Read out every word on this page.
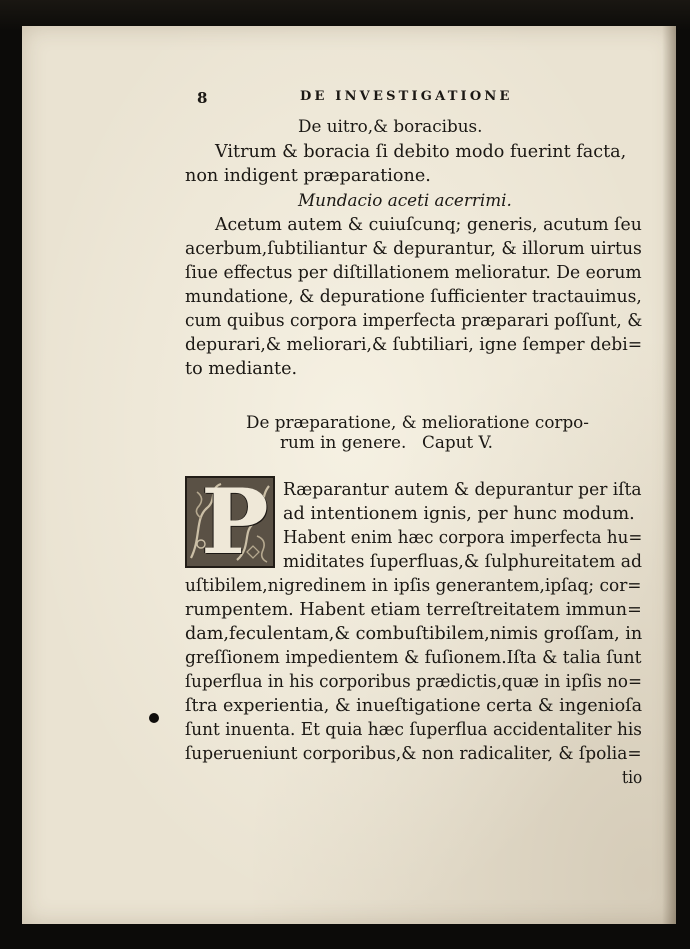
8	DE INVESTIGATIONE
De uitro,& boracibus.
Vitrum & boracia ſi debito modo fuerint facta,
non indigent præparatione.
Mundacio aceti acerrimi.
Acetum autem & cuiuſcunq; generis, acutum ſeu
acerbum,ſubtiliantur & depurantur, & illorum uirtus
ſiue effectus per diſtillationem melioratur. De eorum
mundatione, & depuratione ſufficienter tractauimus,
cum quibus corpora imperfecta præparari poſſunt, &
depurari,& meliorari,& ſubtiliari, igne ſemper debi=
to mediante.
De præparatione, & melioratione corpo-
rum in genere. Caput V.
P Ræparantur autem & depurantur per iſta
ad intentionem ignis, per hunc modum.
Habent enim hæc corpora imperfecta hu=
miditates ſuperfluas,& ſulphureitatem ad
uſtibilem,nigredinem in ipſis generantem,ipſaq; cor=
rumpentem. Habent etiam terreſtreitatem immun=
dam,feculentam,& combuſtibilem,nimis groſſam, in
greſſionem impedientem & fuſionem.Iſta & talia ſunt
ſuperflua in his corporibus prædictis,quæ in ipſis no=
ſtra experientia, & inueſtigatione certa & ingenioſa
ſunt inuenta. Et quia hæc ſuperflua accidentaliter his
ſuperueniunt corporibus,& non radicaliter, & ſpolia=
tio
